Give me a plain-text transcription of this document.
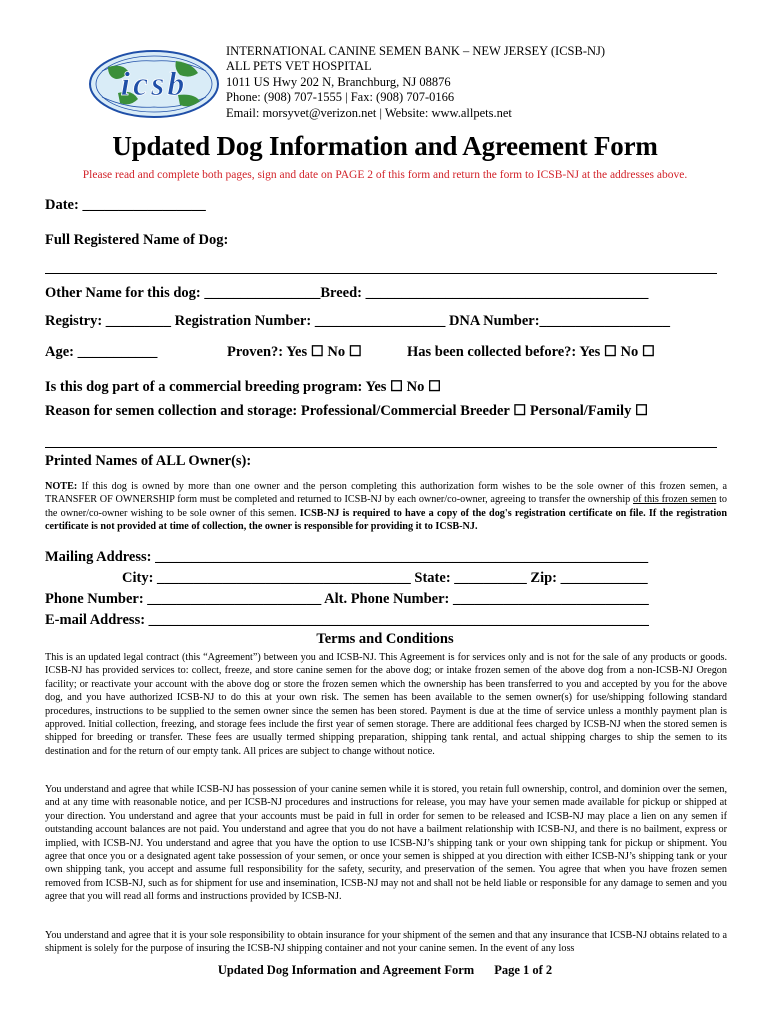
icsb
INTERNATIONAL CANINE SEMEN BANK – NEW JERSEY (ICSB-NJ)
ALL PETS VET HOSPITAL
1011 US Hwy 202 N, Branchburg, NJ 08876
Phone: (908) 707-1555 | Fax: (908) 707-0166
Email: morsyvet@verizon.net | Website: www.allpets.net
Updated Dog Information and Agreement Form
Please read and complete both pages, sign and date on PAGE 2 of this form and return the form to ICSB-NJ at the addresses above.
Date: _________________
Full Registered Name of Dog:
Other Name for this dog: ________________Breed: _______________________________________
Registry: _________ Registration Number: __________________ DNA Number:__________________
Age: ___________	Proven?: Yes ☐ No ☐	Has been collected before?: Yes ☐ No ☐
Is this dog part of a commercial breeding program: Yes ☐ No ☐
Reason for semen collection and storage: Professional/Commercial Breeder ☐ Personal/Family ☐
Printed Names of ALL Owner(s):
NOTE: If this dog is owned by more than one owner and the person completing this authorization form wishes to be the sole owner of this frozen semen, a TRANSFER OF OWNERSHIP form must be completed and returned to ICSB-NJ by each owner/co-owner, agreeing to transfer the ownership of this frozen semen to the owner/co-owner wishing to be sole owner of this semen. ICSB-NJ is required to have a copy of the dog's registration certificate on file. If the registration certificate is not provided at time of collection, the owner is responsible for providing it to ICSB-NJ.
Mailing Address: ____________________________________________________________________
City: ___________________________________ State: __________ Zip: ____________
Phone Number: ________________________ Alt. Phone Number: ___________________________
E-mail Address: _____________________________________________________________________
Terms and Conditions
This is an updated legal contract (this “Agreement”) between you and ICSB-NJ. This Agreement is for services only and is not for the sale of any products or goods. ICSB-NJ has provided services to: collect, freeze, and store canine semen for the above dog; or intake frozen semen of the above dog from a non-ICSB-NJ Oregon facility; or reactivate your account with the above dog or store the frozen semen which the ownership has been transferred to you and accepted by you for the above dog, and you have authorized ICSB-NJ to do this at your own risk. The semen has been available to the semen owner(s) for use/shipping following standard procedures, instructions to be supplied to the semen owner since the semen has been stored. Payment is due at the time of service unless a monthly payment plan is approved. Initial collection, freezing, and storage fees include the first year of semen storage. There are additional fees charged by ICSB-NJ when the stored semen is shipped for breeding or transfer. These fees are usually termed shipping preparation, shipping tank rental, and actual shipping charges to ship the semen to its destination and for the return of our empty tank. All prices are subject to change without notice.
You understand and agree that while ICSB-NJ has possession of your canine semen while it is stored, you retain full ownership, control, and dominion over the semen, and at any time with reasonable notice, and per ICSB-NJ procedures and instructions for release, you may have your semen made available for pickup or shipped at your direction. You understand and agree that your accounts must be paid in full in order for semen to be released and ICSB-NJ may place a lien on any semen if outstanding account balances are not paid. You understand and agree that you do not have a bailment relationship with ICSB-NJ, and there is no bailment, express or implied, with ICSB-NJ. You understand and agree that you have the option to use ICSB-NJ’s shipping tank or your own shipping tank for pickup or shipment. You agree that once you or a designated agent take possession of your semen, or once your semen is shipped at you direction with either ICSB-NJ’s shipping tank or your own shipping tank, you accept and assume full responsibility for the safety, security, and preservation of the semen. You agree that when you have frozen semen removed from ICSB-NJ, such as for shipment for use and insemination, ICSB-NJ may not and shall not be held liable or responsible for any damage to semen and you agree that you will read all forms and instructions provided by ICSB-NJ.
You understand and agree that it is your sole responsibility to obtain insurance for your shipment of the semen and that any insurance that ICSB-NJ obtains related to a shipment is solely for the purpose of insuring the ICSB-NJ shipping container and not your canine semen. In the event of any loss
Updated Dog Information and Agreement Form Page 1 of 2
